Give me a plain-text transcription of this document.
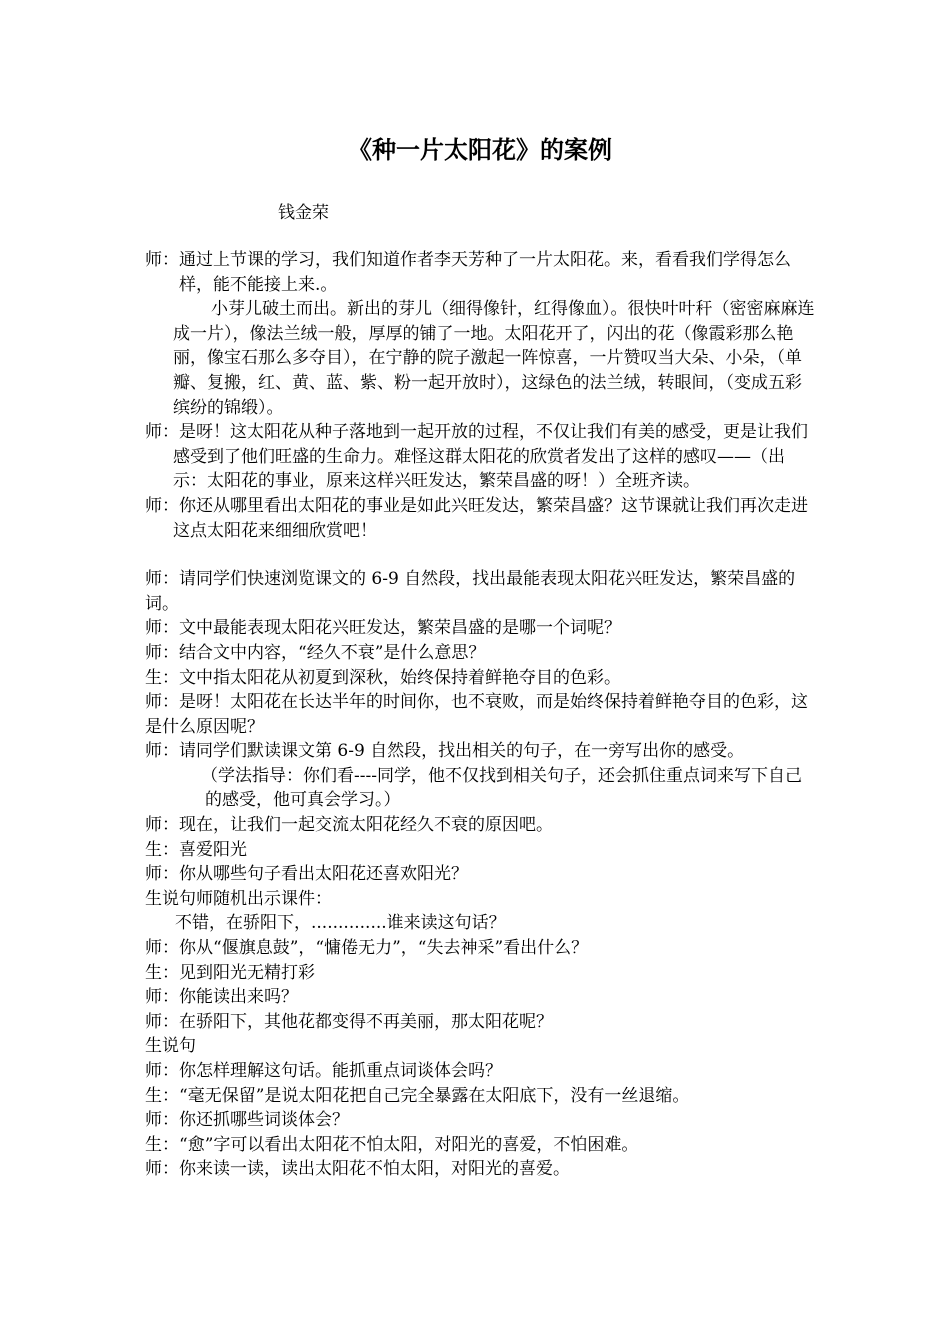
《种一片太阳花》的案例
钱金荣

师：通过上节课的学习，我们知道作者李天芳种了一片太阳花。来，看看我们学得怎么样，能不能接上来.。

小芽儿破土而出。新出的芽儿（细得像针，红得像血）。很快叶叶秆（密密麻麻连成一片），像法兰绒一般，厚厚的铺了一地。太阳花开了，闪出的花（像霞彩那么艳丽，像宝石那么多夺目），在宁静的院子激起一阵惊喜，一片赞叹当大朵、小朵，（单瓣、复搬，红、黄、蓝、紫、粉一起开放时），这绿色的法兰绒，转眼间，（变成五彩缤纷的锦缎）。

师：是呀！这太阳花从种子落地到一起开放的过程，不仅让我们有美的感受，更是让我们感受到了他们旺盛的生命力。难怪这群太阳花的欣赏者发出了这样的感叹——（出示：太阳花的事业，原来这样兴旺发达，繁荣昌盛的呀！）全班齐读。

师：你还从哪里看出太阳花的事业是如此兴旺发达，繁荣昌盛？这节课就让我们再次走进这点太阳花来细细欣赏吧！

师：请同学们快速浏览课文的 6-9 自然段，找出最能表现太阳花兴旺发达，繁荣昌盛的词。

师：文中最能表现太阳花兴旺发达，繁荣昌盛的是哪一个词呢？

师：结合文中内容，“经久不衰”是什么意思？

生：文中指太阳花从初夏到深秋，始终保持着鲜艳夺目的色彩。

师：是呀！太阳花在长达半年的时间你，也不衰败，而是始终保持着鲜艳夺目的色彩，这是什么原因呢？

师：请同学们默读课文第 6-9 自然段，找出相关的句子，在一旁写出你的感受。

（学法指导：你们看----同学，他不仅找到相关句子，还会抓住重点词来写下自己的感受，他可真会学习。）

师：现在，让我们一起交流太阳花经久不衰的原因吧。

生：喜爱阳光

师：你从哪些句子看出太阳花还喜欢阳光？

生说句师随机出示课件：

不错，在骄阳下，..............谁来读这句话？

师：你从“偃旗息鼓”，“慵倦无力”，“失去神采”看出什么？

生：见到阳光无精打彩

师：你能读出来吗？

师：在骄阳下，其他花都变得不再美丽，那太阳花呢？

生说句

师：你怎样理解这句话。能抓重点词谈体会吗？

生：“毫无保留”是说太阳花把自己完全暴露在太阳底下，没有一丝退缩。

师：你还抓哪些词谈体会？

生：“愈”字可以看出太阳花不怕太阳，对阳光的喜爱，不怕困难。

师：你来读一读，读出太阳花不怕太阳，对阳光的喜爱。
